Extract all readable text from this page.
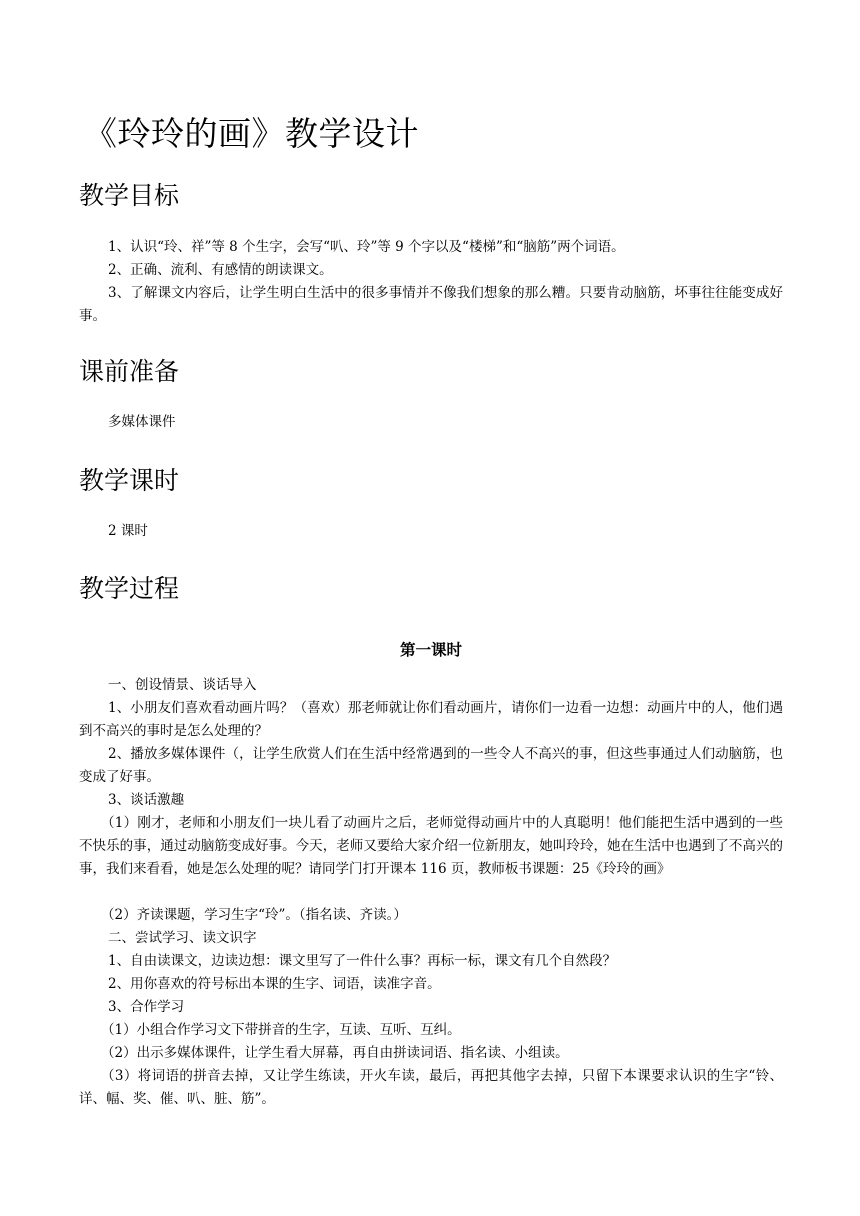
《玲玲的画》教学设计
教学目标

1、认识“玲、祥”等 8 个生字，会写“叭、玲”等 9 个字以及“楼梯”和“脑筋”两个词语。

2、正确、流利、有感情的朗读课文。

3、了解课文内容后，让学生明白生活中的很多事情并不像我们想象的那么糟。只要肯动脑筋，坏事往往能变成好事。

课前准备

多媒体课件

教学课时

2 课时

教学过程
第一课时

一、创设情景、谈话导入

1、小朋友们喜欢看动画片吗？（喜欢）那老师就让你们看动画片，请你们一边看一边想：动画片中的人，他们遇到不高兴的事时是怎么处理的？

2、播放多媒体课件（，让学生欣赏人们在生活中经常遇到的一些令人不高兴的事，但这些事通过人们动脑筋，也变成了好事。

3、谈话激趣

（1）刚才，老师和小朋友们一块儿看了动画片之后，老师觉得动画片中的人真聪明！他们能把生活中遇到的一些不快乐的事，通过动脑筋变成好事。今天，老师又要给大家介绍一位新朋友，她叫玲玲，她在生活中也遇到了不高兴的事，我们来看看，她是怎么处理的呢？请同学门打开课本 116 页，教师板书课题：25《玲玲的画》

（2）齐读课题，学习生字“玲”。（指名读、齐读。）

二、尝试学习、读文识字

1、自由读课文，边读边想：课文里写了一件什么事？再标一标，课文有几个自然段？

2、用你喜欢的符号标出本课的生字、词语，读准字音。

3、合作学习

（1）小组合作学习文下带拼音的生字，互读、互听、互纠。

（2）出示多媒体课件，让学生看大屏幕，再自由拼读词语、指名读、小组读。

（3）将词语的拼音去掉，又让学生练读，开火车读，最后，再把其他字去掉，只留下本课要求认识的生字“铃、详、幅、奖、催、叭、脏、筋”。
